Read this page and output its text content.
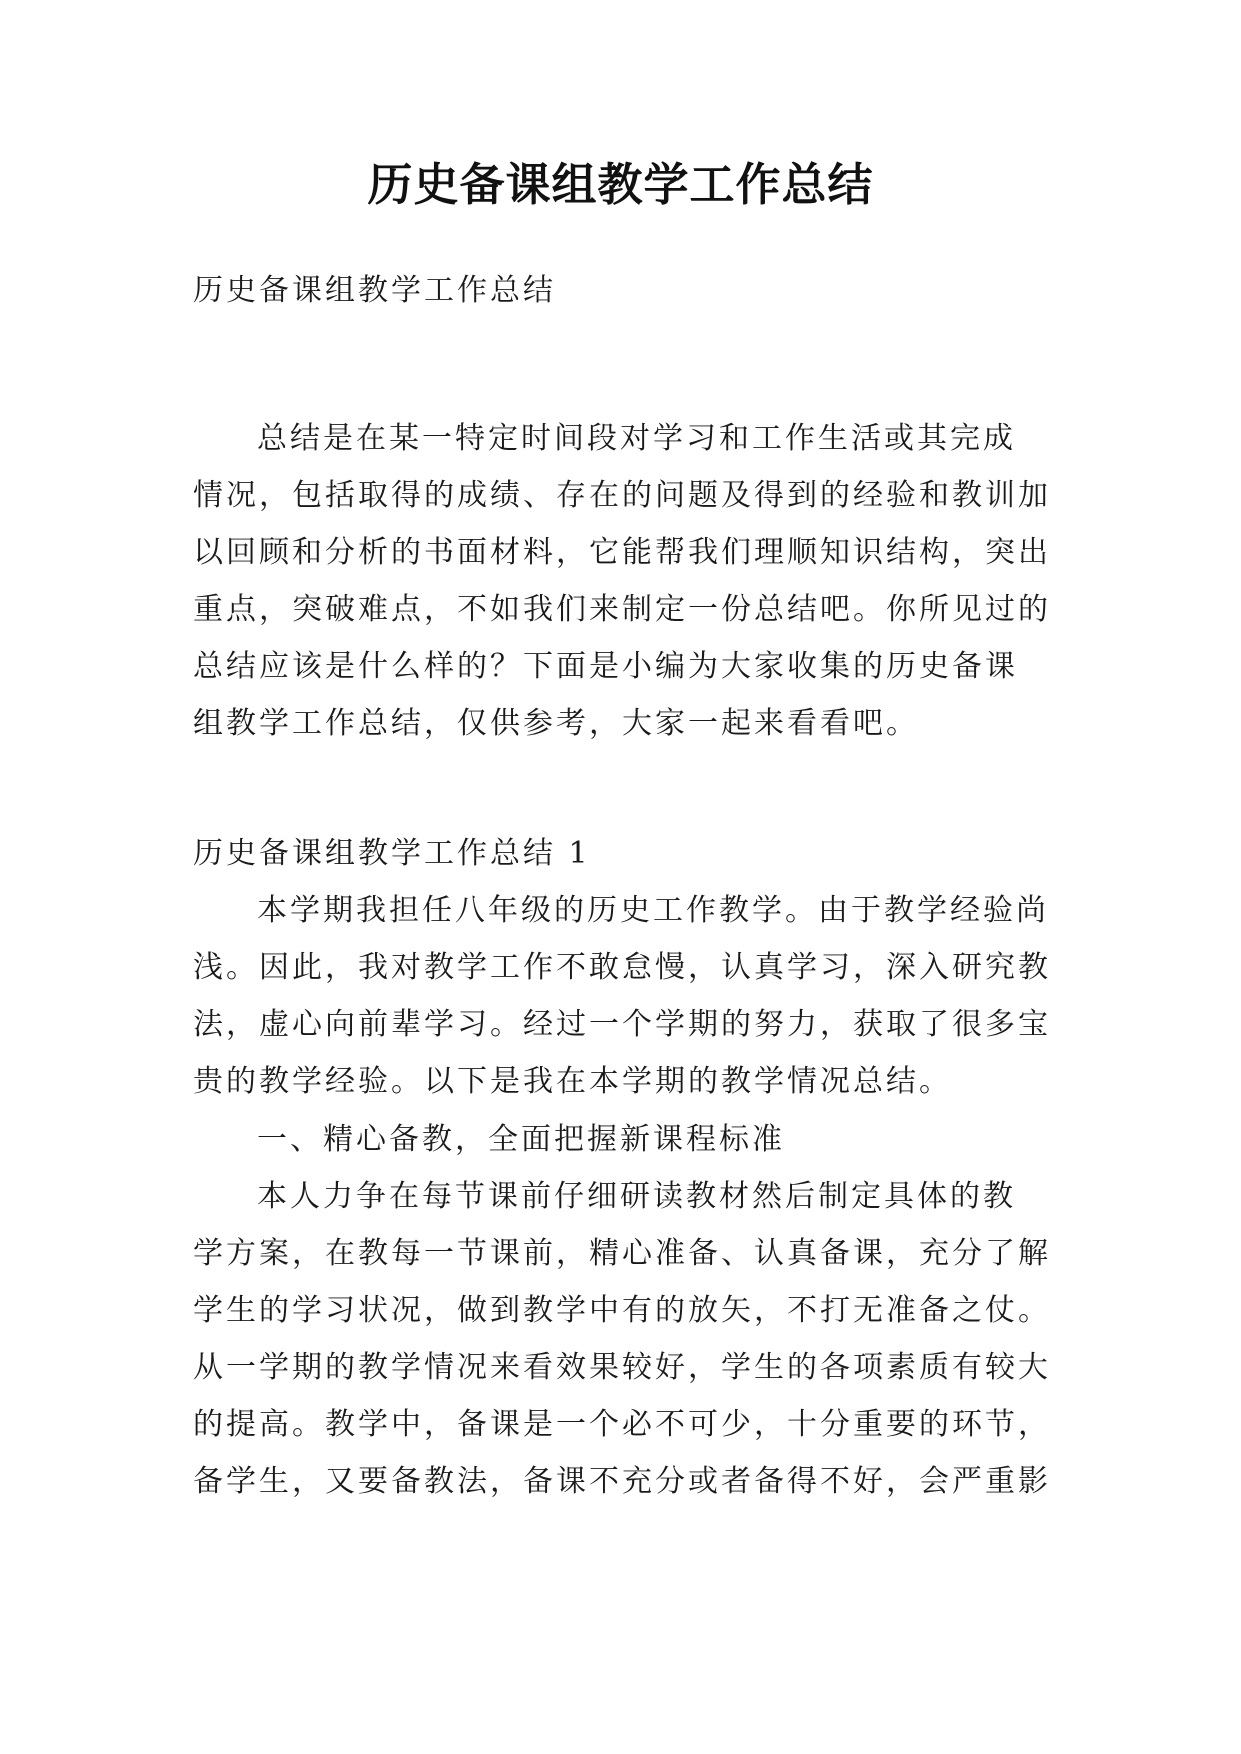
历史备课组教学工作总结

历史备课组教学工作总结

总结是在某一特定时间段对学习和工作生活或其完成
情况，包括取得的成绩、存在的问题及得到的经验和教训加
以回顾和分析的书面材料，它能帮我们理顺知识结构，突出
重点，突破难点，不如我们来制定一份总结吧。你所见过的
总结应该是什么样的？下面是小编为大家收集的历史备课
组教学工作总结，仅供参考，大家一起来看看吧。

历史备课组教学工作总结 1

本学期我担任八年级的历史工作教学。由于教学经验尚
浅。因此，我对教学工作不敢怠慢，认真学习，深入研究教
法，虚心向前辈学习。经过一个学期的努力，获取了很多宝
贵的教学经验。以下是我在本学期的教学情况总结。

一、精心备教，全面把握新课程标准

本人力争在每节课前仔细研读教材然后制定具体的教
学方案，在教每一节课前，精心准备、认真备课，充分了解
学生的学习状况，做到教学中有的放矢，不打无准备之仗。
从一学期的教学情况来看效果较好，学生的各项素质有较大
的提高。教学中，备课是一个必不可少，十分重要的环节，
备学生，又要备教法，备课不充分或者备得不好，会严重影
